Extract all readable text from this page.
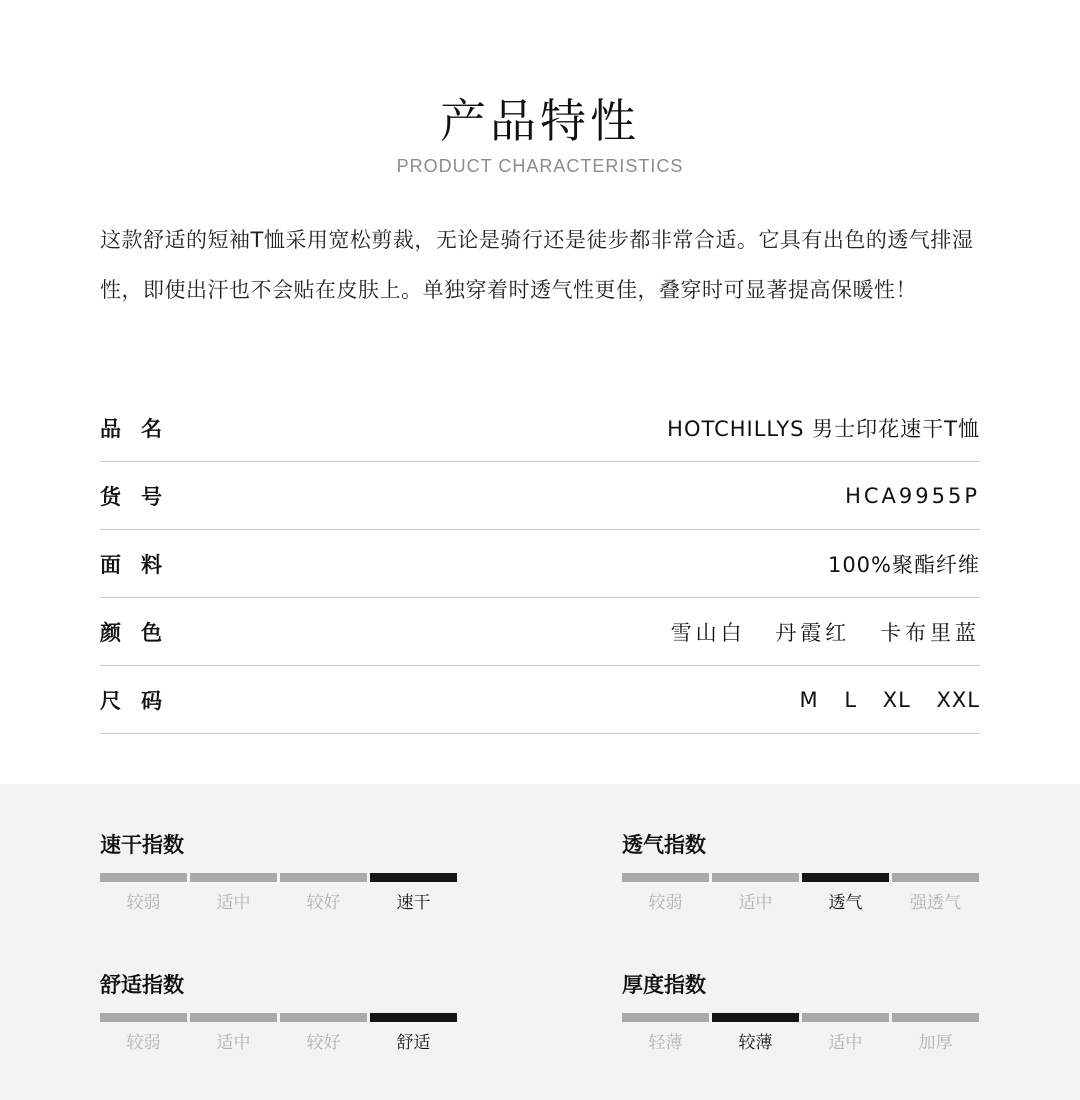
产品特性
PRODUCT CHARACTERISTICS
这款舒适的短袖T恤采用宽松剪裁，无论是骑行还是徒步都非常合适。它具有出色的透气排湿性，即使出汗也不会贴在皮肤上。单独穿着时透气性更佳，叠穿时可显著提高保暖性！
品名	HOTCHILLYS 男士印花速干T恤
货号	HCA9955P
面料	100%聚酯纤维
颜色	雪山白 丹霞红 卡布里蓝
尺码	M L XL XXL
速干指数
较弱	适中	较好	速干
透气指数
较弱	适中	透气	强透气
舒适指数
较弱	适中	较好	舒适
厚度指数
轻薄	较薄	适中	加厚
